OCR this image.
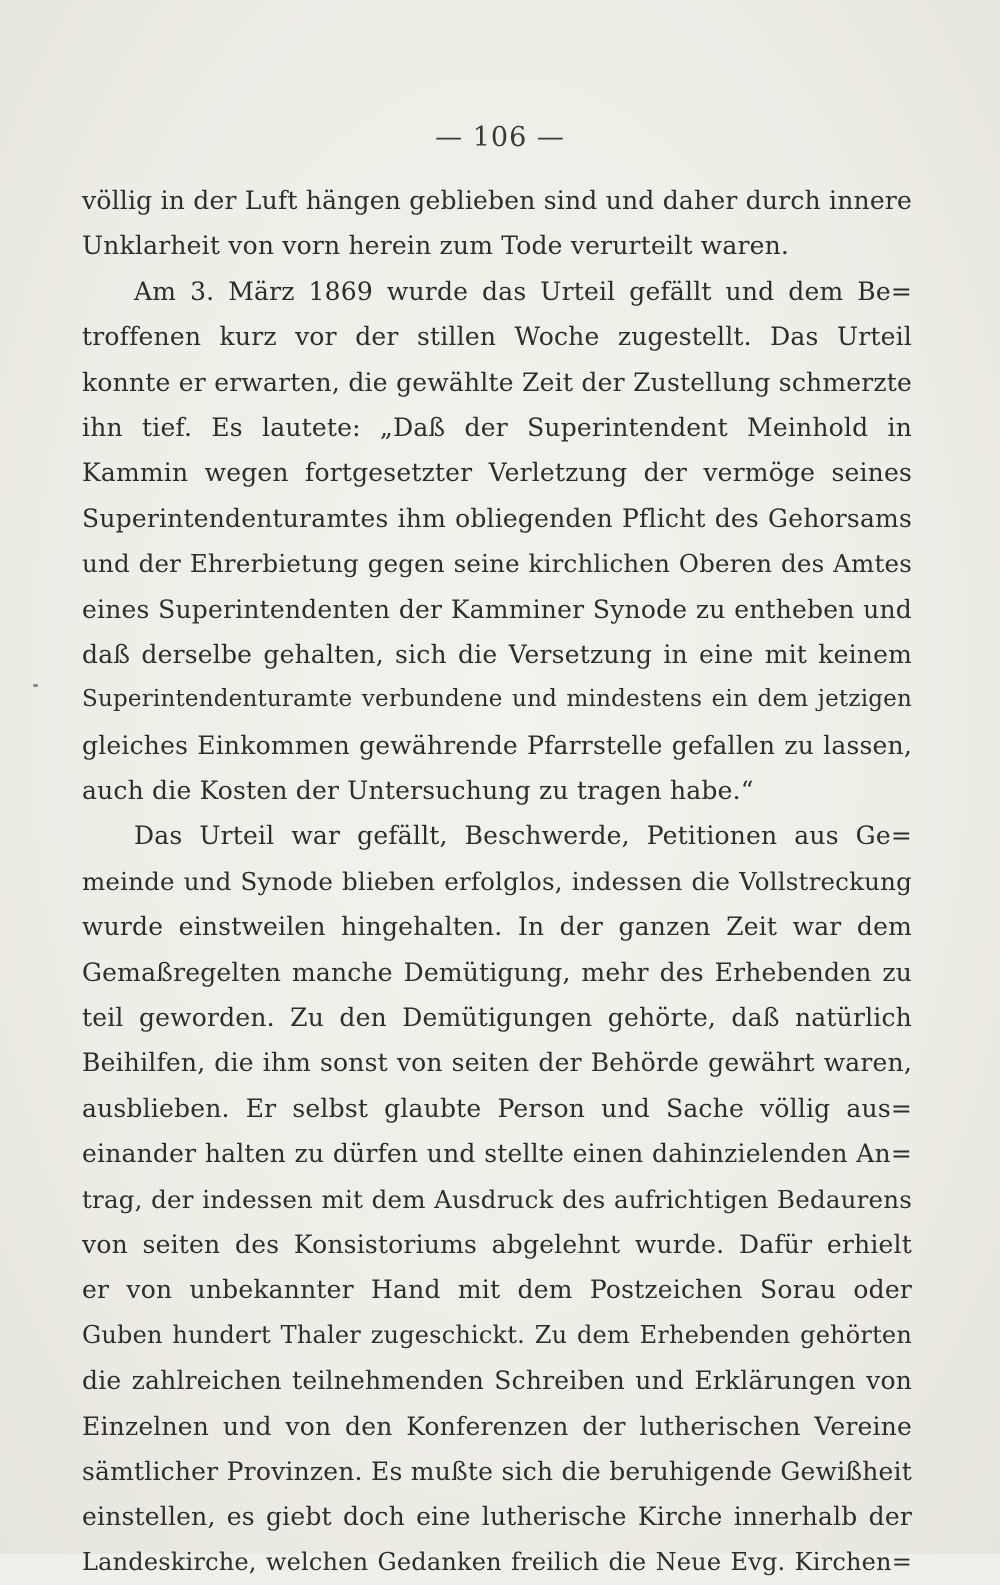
— 106 —
völlig in der Luft hängen geblieben sind und daher durch innere
Unklarheit von vorn herein zum Tode verurteilt waren.
Am 3. März 1869 wurde das Urteil gefällt und dem Be=
troffenen kurz vor der stillen Woche zugestellt. Das Urteil
konnte er erwarten, die gewählte Zeit der Zustellung schmerzte
ihn tief. Es lautete: „Daß der Superintendent Meinhold in
Kammin wegen fortgesetzter Verletzung der vermöge seines
Superintendenturamtes ihm obliegenden Pflicht des Gehorsams
und der Ehrerbietung gegen seine kirchlichen Oberen des Amtes
eines Superintendenten der Kamminer Synode zu entheben und
daß derselbe gehalten, sich die Versetzung in eine mit keinem
Superintendenturamte verbundene und mindestens ein dem jetzigen
gleiches Einkommen gewährende Pfarrstelle gefallen zu lassen,
auch die Kosten der Untersuchung zu tragen habe.“
Das Urteil war gefällt, Beschwerde, Petitionen aus Ge=
meinde und Synode blieben erfolglos, indessen die Vollstreckung
wurde einstweilen hingehalten. In der ganzen Zeit war dem
Gemaßregelten manche Demütigung, mehr des Erhebenden zu
teil geworden. Zu den Demütigungen gehörte, daß natürlich
Beihilfen, die ihm sonst von seiten der Behörde gewährt waren,
ausblieben. Er selbst glaubte Person und Sache völlig aus=
einander halten zu dürfen und stellte einen dahinzielenden An=
trag, der indessen mit dem Ausdruck des aufrichtigen Bedaurens
von seiten des Konsistoriums abgelehnt wurde. Dafür erhielt
er von unbekannter Hand mit dem Postzeichen Sorau oder
Guben hundert Thaler zugeschickt. Zu dem Erhebenden gehörten
die zahlreichen teilnehmenden Schreiben und Erklärungen von
Einzelnen und von den Konferenzen der lutherischen Vereine
sämtlicher Provinzen. Es mußte sich die beruhigende Gewißheit
einstellen, es giebt doch eine lutherische Kirche innerhalb der
Landeskirche, welchen Gedanken freilich die Neue Evg. Kirchen=
